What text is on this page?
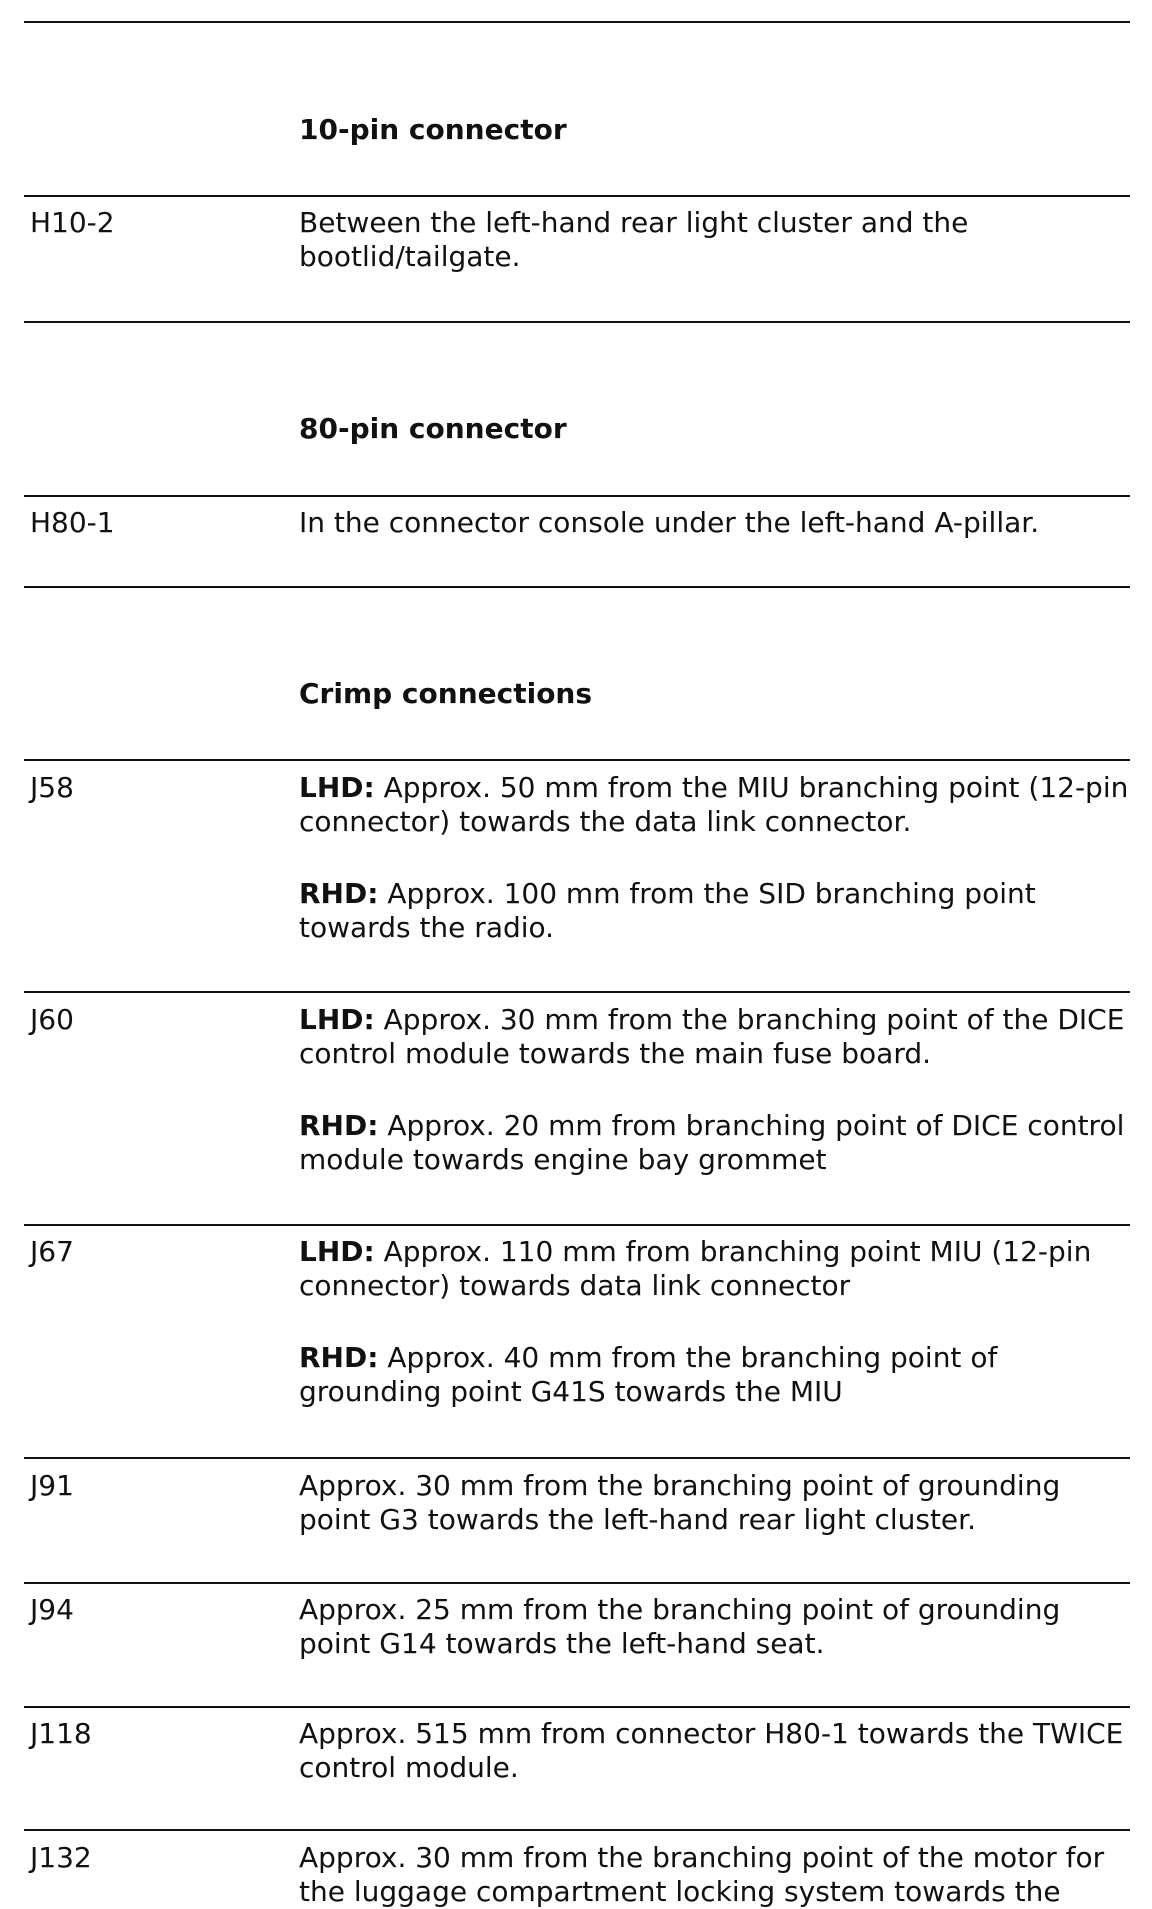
10-pin connector
H10-2	Between the left-hand rear light cluster and the bootlid/tailgate.

80-pin connector
H80-1	In the connector console under the left-hand A-pillar.

Crimp connections
J58	LHD: Approx. 50 mm from the MIU branching point (12-pin connector) towards the data link connector.

RHD: Approx. 100 mm from the SID branching point towards the radio.

J60	LHD: Approx. 30 mm from the branching point of the DICE control module towards the main fuse board.

RHD: Approx. 20 mm from branching point of DICE control module towards engine bay grommet

J67	LHD: Approx. 110 mm from branching point MIU (12-pin connector) towards data link connector

RHD: Approx. 40 mm from the branching point of grounding point G41S towards the MIU

J91	Approx. 30 mm from the branching point of grounding point G3 towards the left-hand rear light cluster.

J94	Approx. 25 mm from the branching point of grounding point G14 towards the left-hand seat.

J118	Approx. 515 mm from connector H80-1 towards the TWICE control module.

J132	Approx. 30 mm from the branching point of the motor for the luggage compartment locking system towards the
